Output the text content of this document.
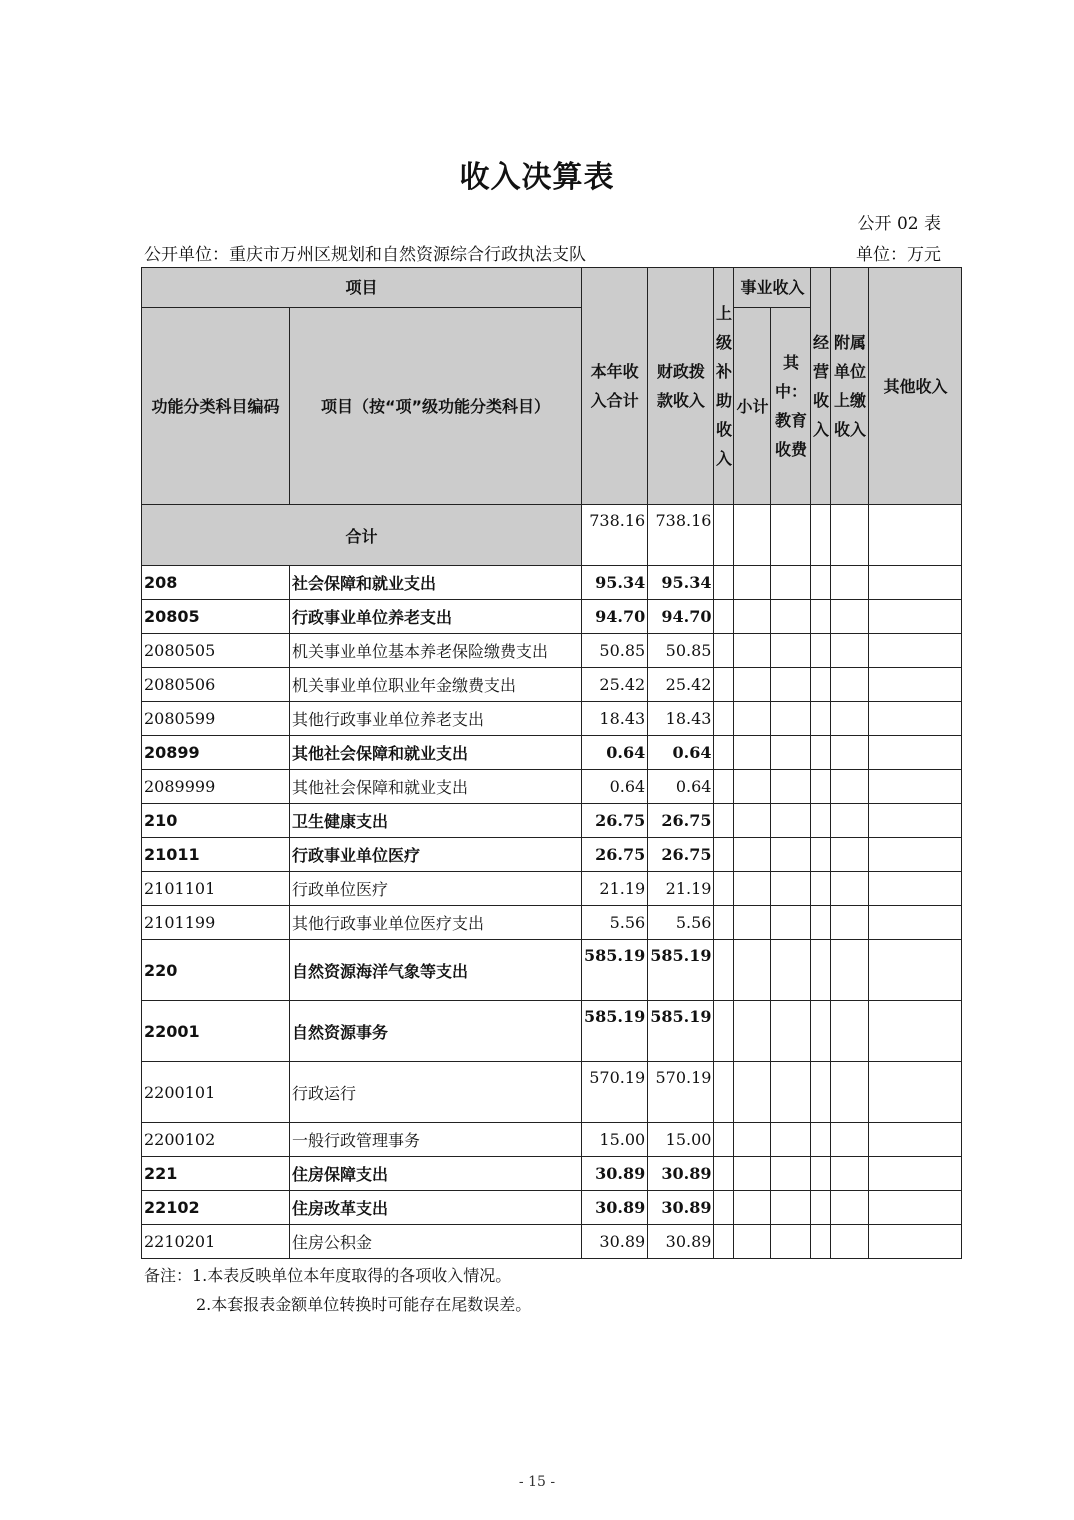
收入决算表
公开 02 表
公开单位：重庆市万州区规划和自然资源综合行政执法支队	单位：万元
项目		本年收入合计	财政拨款收入	上级补助收入	事业收入		经营收入	附属单位上缴收入	其他收入
功能分类科目编码	项目（按“项”级功能分类科目）				小计	其中：教育收费			
合计		738.16	738.16						
208	社会保障和就业支出	95.34	95.34						
20805	行政事业单位养老支出	94.70	94.70						
2080505	机关事业单位基本养老保险缴费支出	50.85	50.85						
2080506	机关事业单位职业年金缴费支出	25.42	25.42						
2080599	其他行政事业单位养老支出	18.43	18.43						
20899	其他社会保障和就业支出	0.64	0.64						
2089999	其他社会保障和就业支出	0.64	0.64						
210	卫生健康支出	26.75	26.75						
21011	行政事业单位医疗	26.75	26.75						
2101101	行政单位医疗	21.19	21.19						
2101199	其他行政事业单位医疗支出	5.56	5.56						
220	自然资源海洋气象等支出	585.19	585.19						
22001	自然资源事务	585.19	585.19						
2200101	行政运行	570.19	570.19						
2200102	一般行政管理事务	15.00	15.00						
221	住房保障支出	30.89	30.89						
22102	住房改革支出	30.89	30.89						
2210201	住房公积金	30.89	30.89						
备注：1.本表反映单位本年度取得的各项收入情况。
2.本套报表金额单位转换时可能存在尾数误差。
- 15 -
